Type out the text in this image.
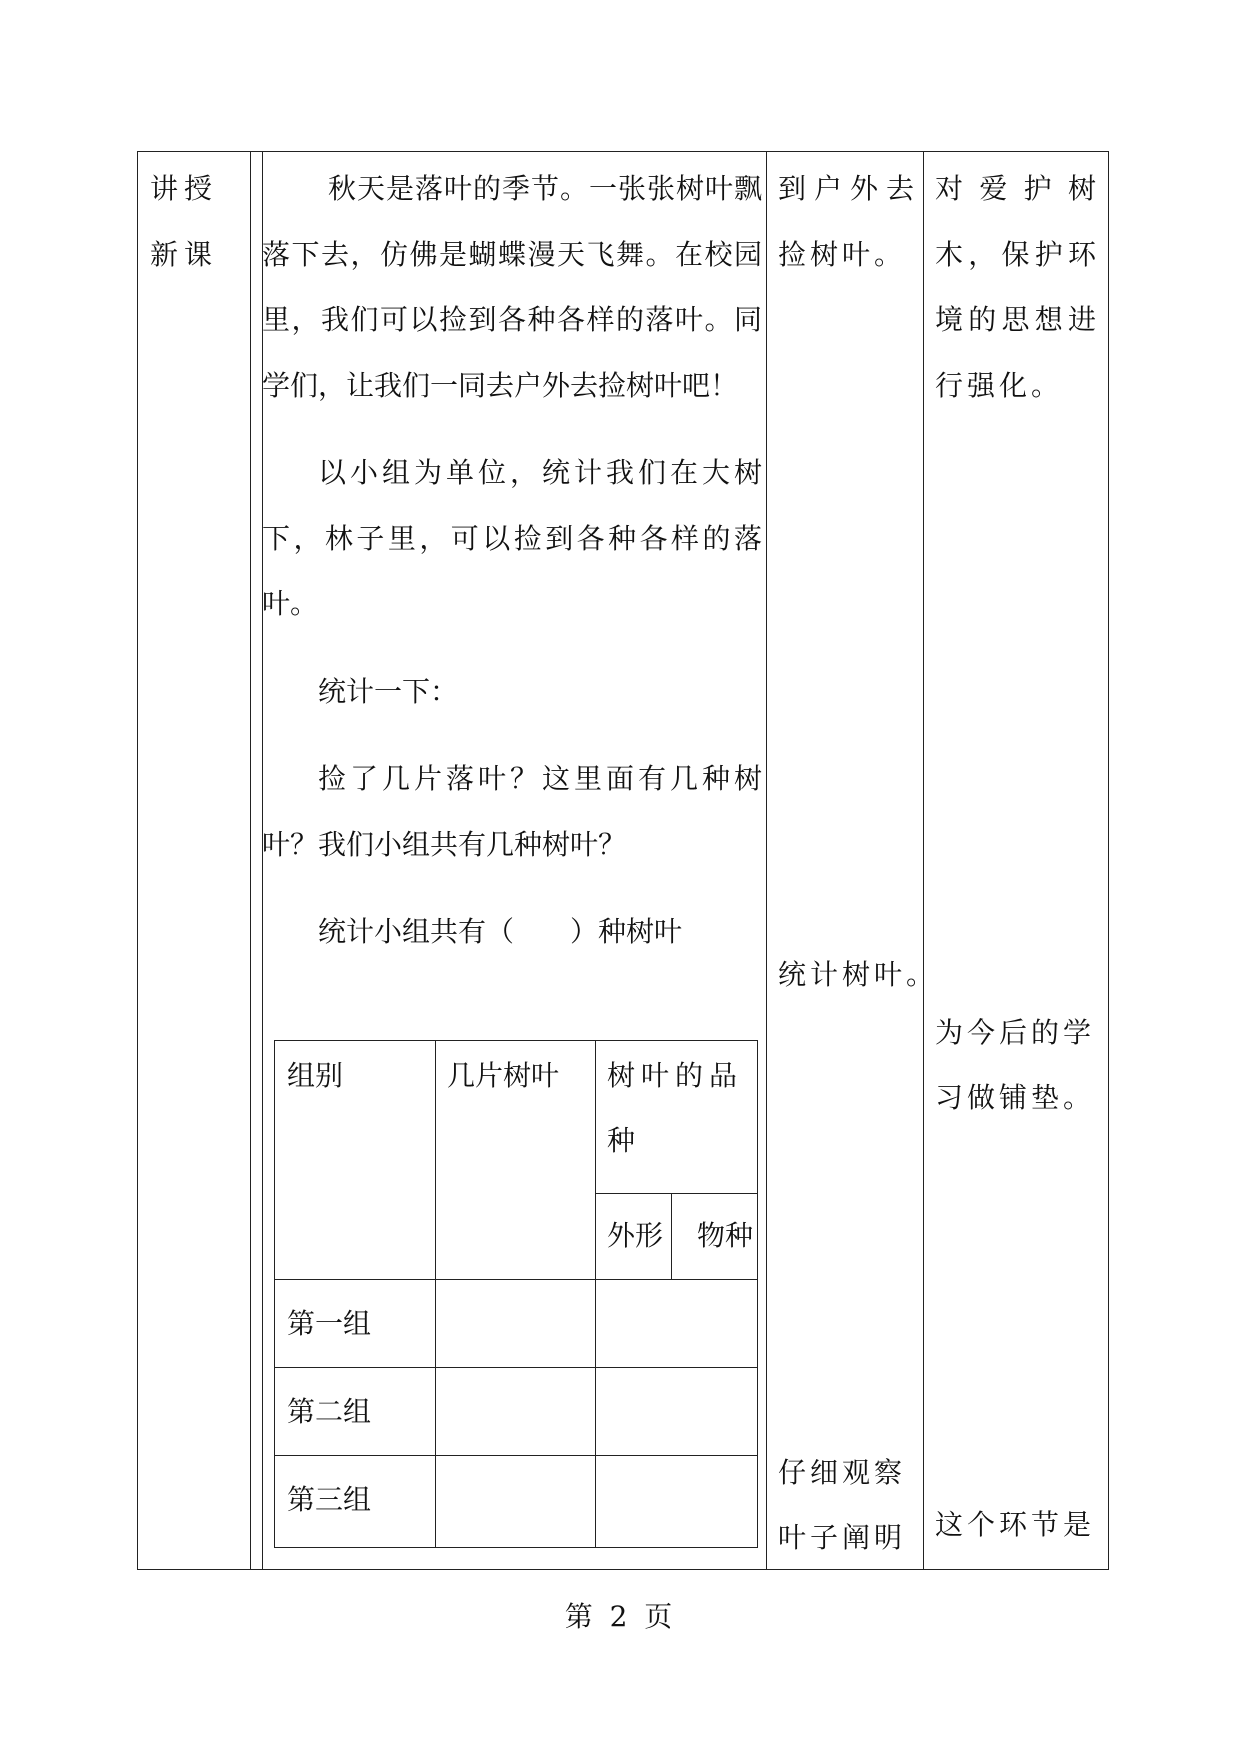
讲授新课

秋天是落叶的季节。一张张树叶飘落下去，仿佛是蝴蝶漫天飞舞。在校园里，我们可以捡到各种各样的落叶。同学们，让我们一同去户外去捡树叶吧！

以小组为单位，统计我们在大树下，林子里，可以捡到各种各样的落叶。

统计一下：

捡了几片落叶？这里面有几种树叶？我们小组共有几种树叶？

统计小组共有（　　）种树叶

组别	几片树叶 树叶的品种
外形 物种
第一组
第二组
第三组
到户外去捡树叶。
统计树叶。
仔细观察叶子阐明
对爱护树木，保护环境的思想进行强化。
为今后的学习做铺垫。
这个环节是
第 2 页
